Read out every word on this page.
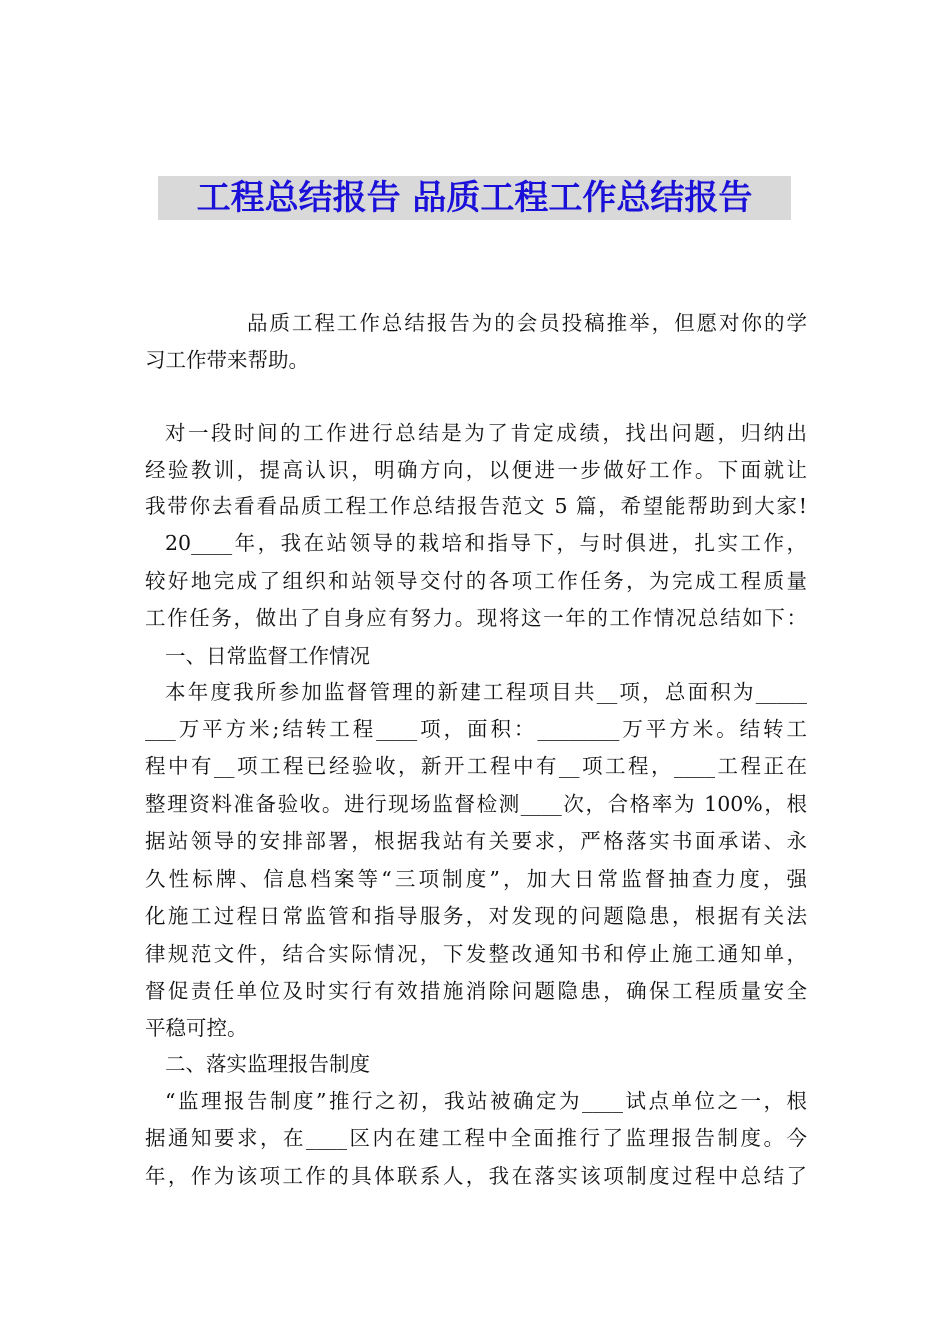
工程总结报告 品质工程工作总结报告
品质工程工作总结报告为的会员投稿推举，但愿对你的学
习工作带来帮助。
对一段时间的工作进行总结是为了肯定成绩，找出问题，归纳出
经验教训，提高认识，明确方向，以便进一步做好工作。下面就让
我带你去看看品质工程工作总结报告范文 5 篇，希望能帮助到大家!
20____年，我在站领导的栽培和指导下，与时俱进，扎实工作，
较好地完成了组织和站领导交付的各项工作任务，为完成工程质量
工作任务，做出了自身应有努力。现将这一年的工作情况总结如下：
一、日常监督工作情况
本年度我所参加监督管理的新建工程项目共__项，总面积为_____
___万平方米;结转工程____项，面积：________万平方米。结转工
程中有__项工程已经验收，新开工程中有__项工程，____工程正在
整理资料准备验收。进行现场监督检测____次，合格率为 100%，根
据站领导的安排部署，根据我站有关要求，严格落实书面承诺、永
久性标牌、信息档案等“三项制度”，加大日常监督抽查力度，强
化施工过程日常监管和指导服务，对发现的问题隐患，根据有关法
律规范文件，结合实际情况，下发整改通知书和停止施工通知单，
督促责任单位及时实行有效措施消除问题隐患，确保工程质量安全
平稳可控。
二、落实监理报告制度
“监理报告制度”推行之初，我站被确定为____试点单位之一，根
据通知要求，在____区内在建工程中全面推行了监理报告制度。今
年，作为该项工作的具体联系人，我在落实该项制度过程中总结了
